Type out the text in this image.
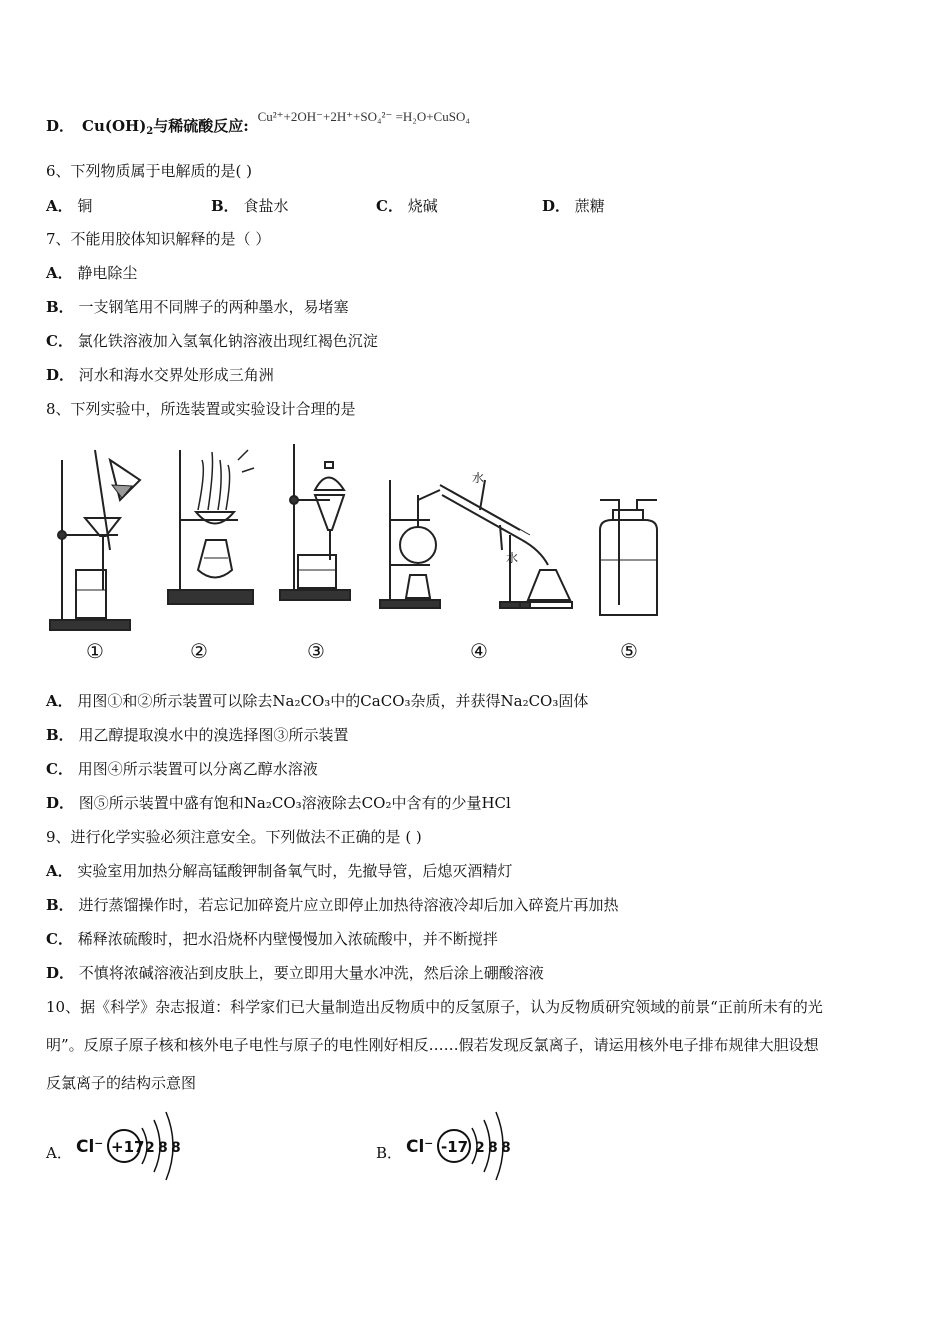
D． $Cu(OH)_2$与稀硫酸反应: Cu²⁺+2OH⁻+2H⁺+SO₄²⁻ =H₂O+CuSO₄
6、下列物质属于电解质的是( )
A． 铜	B． 食盐水	C． 烧碱	D． 蔗糖
7、不能用胶体知识解释的是（ ）
A． 静电除尘
B． 一支钢笔用不同牌子的两种墨水，易堵塞
C． 氯化铁溶液加入氢氧化钠溶液出现红褐色沉淀
D． 河水和海水交界处形成三角洲
8、下列实验中，所选装置或实验设计合理的是
水
水
①	②	③	④	⑤
A． 用图①和②所示装置可以除去Na₂CO₃中的CaCO₃杂质，并获得Na₂CO₃固体
B． 用乙醇提取溴水中的溴选择图③所示装置
C． 用图④所示装置可以分离乙醇水溶液
D． 图⑤所示装置中盛有饱和Na₂CO₃溶液除去CO₂中含有的少量HCl
9、进行化学实验必须注意安全。下列做法不正确的是 ( )
A． 实验室用加热分解高锰酸钾制备氧气时，先撤导管，后熄灭酒精灯
B． 进行蒸馏操作时，若忘记加碎瓷片应立即停止加热待溶液冷却后加入碎瓷片再加热
C． 稀释浓硫酸时，把水沿烧杯内壁慢慢加入浓硫酸中，并不断搅拌
D． 不慎将浓碱溶液沾到皮肤上，要立即用大量水冲洗，然后涂上硼酸溶液
10、据《科学》杂志报道：科学家们已大量制造出反物质中的反氢原子，认为反物质研究领域的前景“正前所未有的光
明”。反原子原子核和核外电子电性与原子的电性刚好相反……假若发现反氯离子，请运用核外电子排布规律大胆设想
反氯离子的结构示意图
A． Cl⁻ +17 2 8 8	B． Cl⁻ -17 2 8 8
